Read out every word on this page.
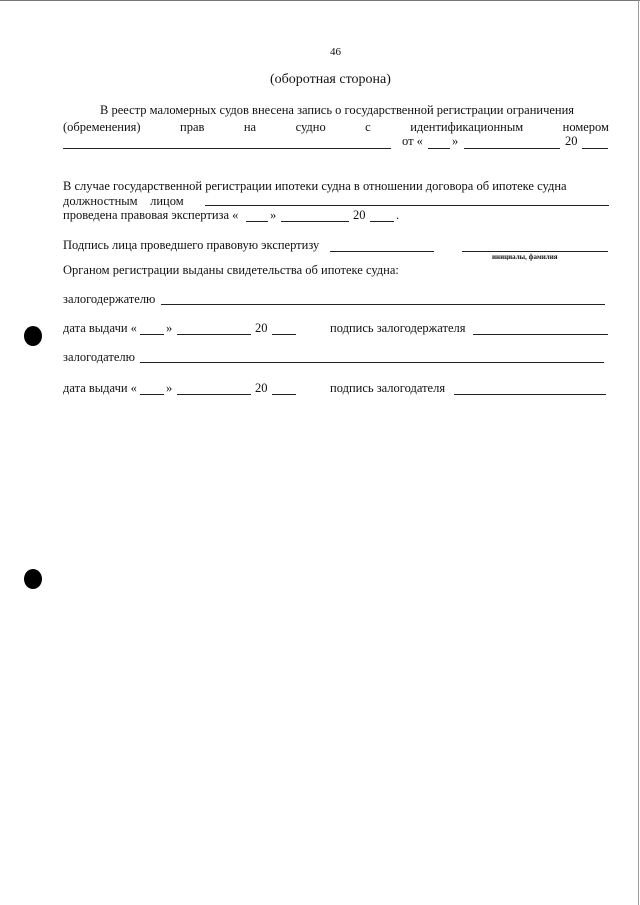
46
(оборотная сторона)
В реестр маломерных судов внесена запись о государственной регистрации ограничения
(обременения)	прав	на	судно	с	идентификационным	номером
от « »	20
В случае государственной регистрации ипотеки судна в отношении договора об ипотеке судна
должностным    лицом
проведена правовая экспертиза «	»	20 .
Подпись лица проведшего правовую экспертизу
инициалы, фамилия
Органом регистрации выданы свидетельства об ипотеке судна:
залогодержателю
дата выдачи « »	20	подпись залогодержателя
залогодателю
дата выдачи « »	20	подпись залогодателя
